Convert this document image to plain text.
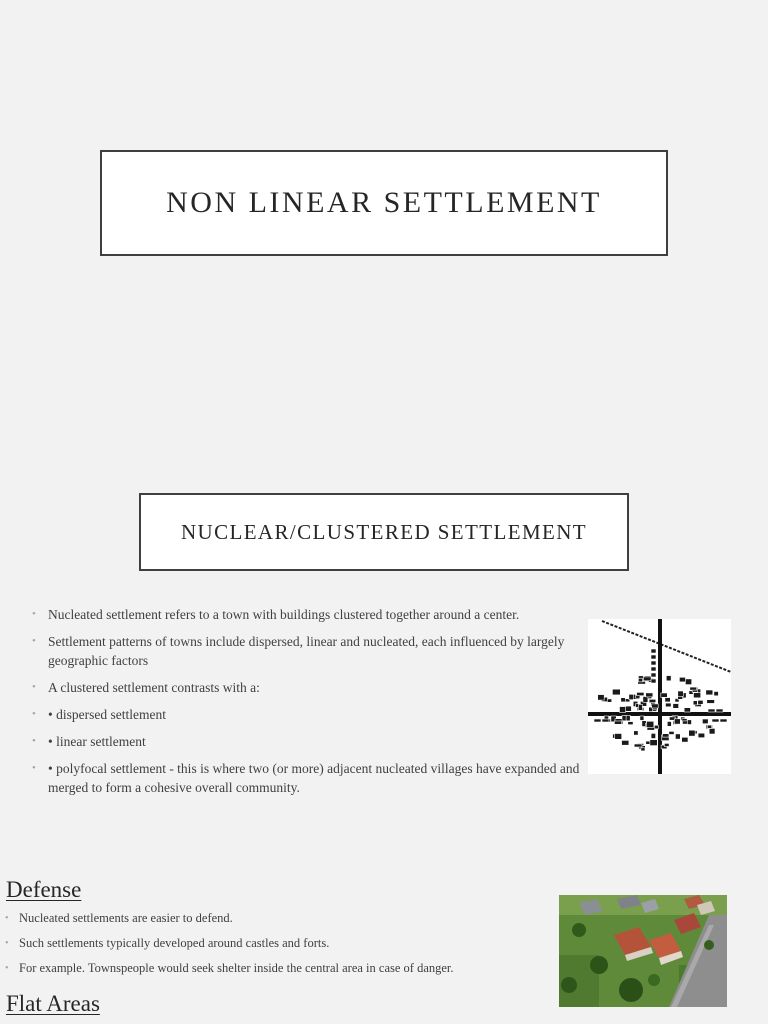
NON LINEAR SETTLEMENT
NUCLEAR/CLUSTERED SETTLEMENT
• Nucleated settlement refers to a town with buildings clustered together around a center.
• Settlement patterns of towns include dispersed, linear and nucleated, each influenced by largely geographic factors
• A clustered settlement contrasts with a:
• • dispersed settlement
• • linear settlement
• • polyfocal settlement - this is where two (or more) adjacent nucleated villages have expanded and merged to form a cohesive overall community.
Defense
• Nucleated settlements are easier to defend.
• Such settlements typically developed around castles and forts.
• For example. Townspeople would seek shelter inside the central area in case of danger.
Flat Areas
